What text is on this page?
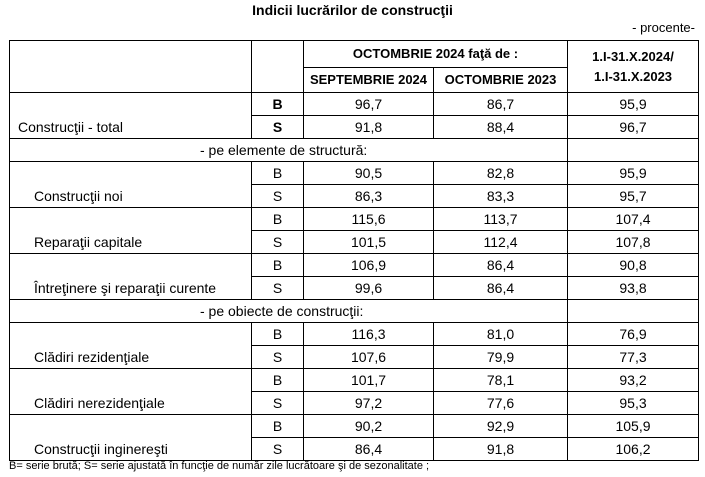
Indicii lucrărilor de construcţii
- procente-
		OCTOMBRIE 2024 faţă de :		1.I-31.X.2024/
1.I-31.X.2023
		SEPTEMBRIE 2024	OCTOMBRIE 2023	
Construcţii - total	B	96,7	86,7	95,9
	S	91,8	88,4	96,7
- pe elemente de structură:				
Construcţii noi	B	90,5	82,8	95,9
	S	86,3	83,3	95,7
Reparaţii capitale	B	115,6	113,7	107,4
	S	101,5	112,4	107,8
Întreţinere şi reparaţii curente	B	106,9	86,4	90,8
	S	99,6	86,4	93,8
- pe obiecte de construcţii:				
Clădiri rezidenţiale	B	116,3	81,0	76,9
	S	107,6	79,9	77,3
Clădiri nerezidenţiale	B	101,7	78,1	93,2
	S	97,2	77,6	95,3
Construcţii inginereşti	B	90,2	92,9	105,9
	S	86,4	91,8	106,2
B= serie brută; S= serie ajustată în funcţie de număr zile lucrătoare şi de sezonalitate ;
